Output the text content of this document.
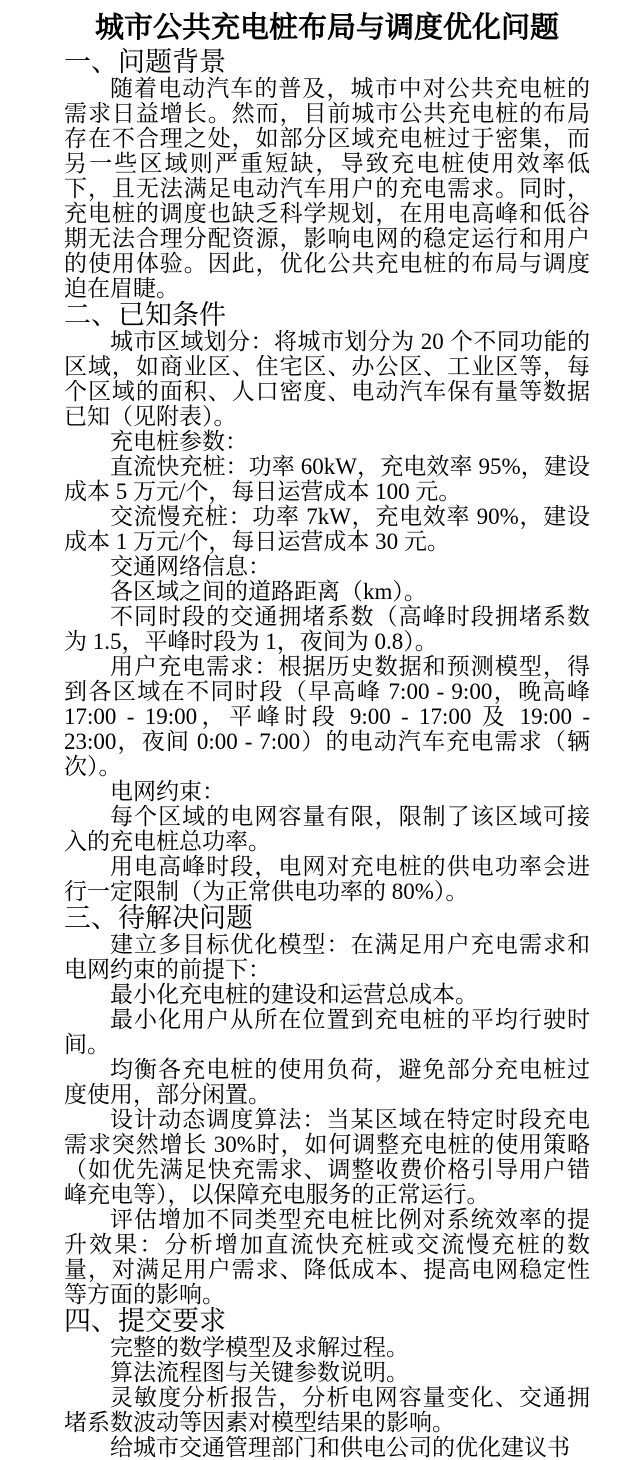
城市公共充电桩布局与调度优化问题
一、问题背景

随着电动汽车的普及，城市中对公共充电桩的需求日益增长。然而，目前城市公共充电桩的布局存在不合理之处，如部分区域充电桩过于密集，而另一些区域则严重短缺，导致充电桩使用效率低下，且无法满足电动汽车用户的充电需求。同时，充电桩的调度也缺乏科学规划，在用电高峰和低谷期无法合理分配资源，影响电网的稳定运行和用户的使用体验。因此，优化公共充电桩的布局与调度迫在眉睫。

二、已知条件

城市区域划分：将城市划分为 20 个不同功能的区域，如商业区、住宅区、办公区、工业区等，每个区域的面积、人口密度、电动汽车保有量等数据已知（见附表）。

充电桩参数：

直流快充桩：功率 60kW，充电效率 95%，建设成本 5 万元/个，每日运营成本 100 元。

交流慢充桩：功率 7kW，充电效率 90%，建设成本 1 万元/个，每日运营成本 30 元。

交通网络信息：

各区域之间的道路距离（km）。

不同时段的交通拥堵系数（高峰时段拥堵系数为 1.5，平峰时段为 1，夜间为 0.8）。

用户充电需求：根据历史数据和预测模型，得到各区域在不同时段（早高峰 7:00 - 9:00，晚高峰 17:00 - 19:00，平峰时段 9:00 - 17:00 及 19:00 - 23:00，夜间 0:00 - 7:00）的电动汽车充电需求（辆次）。

电网约束：

每个区域的电网容量有限，限制了该区域可接入的充电桩总功率。

用电高峰时段，电网对充电桩的供电功率会进行一定限制（为正常供电功率的 80%）。

三、待解决问题

建立多目标优化模型：在满足用户充电需求和电网约束的前提下：

最小化充电桩的建设和运营总成本。

最小化用户从所在位置到充电桩的平均行驶时间。

均衡各充电桩的使用负荷，避免部分充电桩过度使用，部分闲置。

设计动态调度算法：当某区域在特定时段充电需求突然增长 30%时，如何调整充电桩的使用策略（如优先满足快充需求、调整收费价格引导用户错峰充电等），以保障充电服务的正常运行。

评估增加不同类型充电桩比例对系统效率的提升效果：分析增加直流快充桩或交流慢充桩的数量，对满足用户需求、降低成本、提高电网稳定性等方面的影响。

四、提交要求

完整的数学模型及求解过程。

算法流程图与关键参数说明。

灵敏度分析报告，分析电网容量变化、交通拥堵系数波动等因素对模型结果的影响。

给城市交通管理部门和供电公司的优化建议书
